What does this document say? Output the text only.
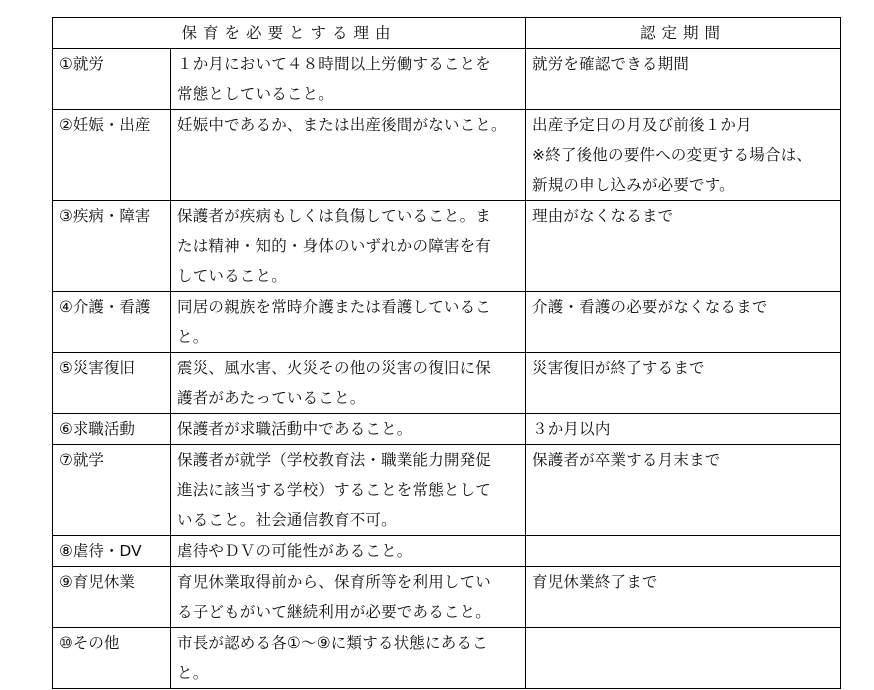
保育を必要とする理由		認定期間
①就労	１か月において４８時間以上労働することを
常態としていること。	就労を確認できる期間

②妊娠・出産	妊娠中であるか、または出産後間がないこと。	出産予定日の月及び前後１か月
※終了後他の要件への変更する場合は、
新規の申し込みが必要です。

③疾病・障害	保護者が疾病もしくは負傷していること。ま
たは精神・知的・身体のいずれかの障害を有
していること。	理由がなくなるまで

④介護・看護	同居の親族を常時介護または看護しているこ
と。	介護・看護の必要がなくなるまで

⑤災害復旧	震災、風水害、火災その他の災害の復旧に保
護者があたっていること。	災害復旧が終了するまで

⑥求職活動	保護者が求職活動中であること。	３か月以内

⑦就学	保護者が就学（学校教育法・職業能力開発促
進法に該当する学校）することを常態として
いること。社会通信教育不可。	保護者が卒業する月末まで

⑧虐待・DV	虐待やＤＶの可能性があること。	

⑨育児休業	育児休業取得前から、保育所等を利用してい
る子どもがいて継続利用が必要であること。	育児休業終了まで

⑩その他	市長が認める各①～⑨に類する状態にあるこ
と。	
